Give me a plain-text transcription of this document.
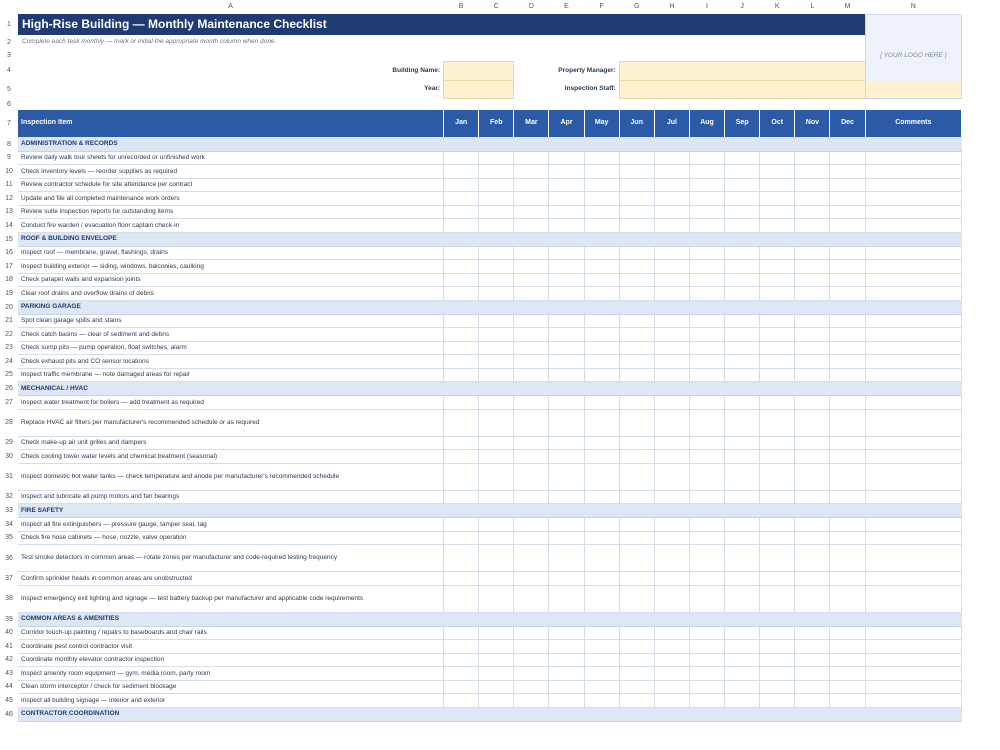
1
2
3
4
5
6
7
8
9
10
11
12
13
14
15
16
17
18
19
20
21
22
23
24
25
26
27
28
29
30
31
32
33
34
35
36
37
38
39
40
41
42
43
44
45
46
A	B	C	D	E	F	G	H	I	J	K	L	M	N
High-Rise Building — Monthly Maintenance Checklist													[ YOUR LOGO HERE ]
Complete each task monthly — mark or initial the appropriate month column when done.													

Building Name:			Property Manager:										
Year:			Inspection Staff:										

Inspection Item	Jan	Feb	Mar	Apr	May	Jun	Jul	Aug	Sep	Oct	Nov	Dec	Comments
ADMINISTRATION & RECORDS													
Review daily walk tour sheets for unrecorded or unfinished work													
Check inventory levels — reorder supplies as required													
Review contractor schedule for site attendance per contract													
Update and file all completed maintenance work orders													
Review suite inspection reports for outstanding items													
Conduct fire warden / evacuation floor captain check-in													
ROOF & BUILDING ENVELOPE													
Inspect roof — membrane, gravel, flashings, drains													
Inspect building exterior — siding, windows, balconies, caulking													
Check parapet walls and expansion joints													
Clear roof drains and overflow drains of debris													
PARKING GARAGE													
Spot clean garage spills and stains													
Check catch basins — clear of sediment and debris													
Check sump pits — pump operation, float switches, alarm													
Check exhaust pits and CO sensor locations													
Inspect traffic membrane — note damaged areas for repair													
MECHANICAL / HVAC													
Inspect water treatment for boilers — add treatment as required													
Replace HVAC air filters per manufacturer's recommended schedule or as required													
Check make-up air unit grilles and dampers													
Check cooling tower water levels and chemical treatment (seasonal)													
Inspect domestic hot water tanks — check temperature and anode per manufacturer's recommended schedule													
Inspect and lubricate all pump motors and fan bearings													
FIRE SAFETY													
Inspect all fire extinguishers — pressure gauge, tamper seal, tag													
Check fire hose cabinets — hose, nozzle, valve operation													
Test smoke detectors in common areas — rotate zones per manufacturer and code-required testing frequency													
Confirm sprinkler heads in common areas are unobstructed													
Inspect emergency exit lighting and signage — test battery backup per manufacturer and applicable code requirements													
COMMON AREAS & AMENITIES													
Corridor touch-up painting / repairs to baseboards and chair rails													
Coordinate pest control contractor visit													
Coordinate monthly elevator contractor inspection													
Inspect amenity room equipment — gym, media room, party room													
Clean storm interceptor / check for sediment blockage													
Inspect all building signage — interior and exterior													
CONTRACTOR COORDINATION													
